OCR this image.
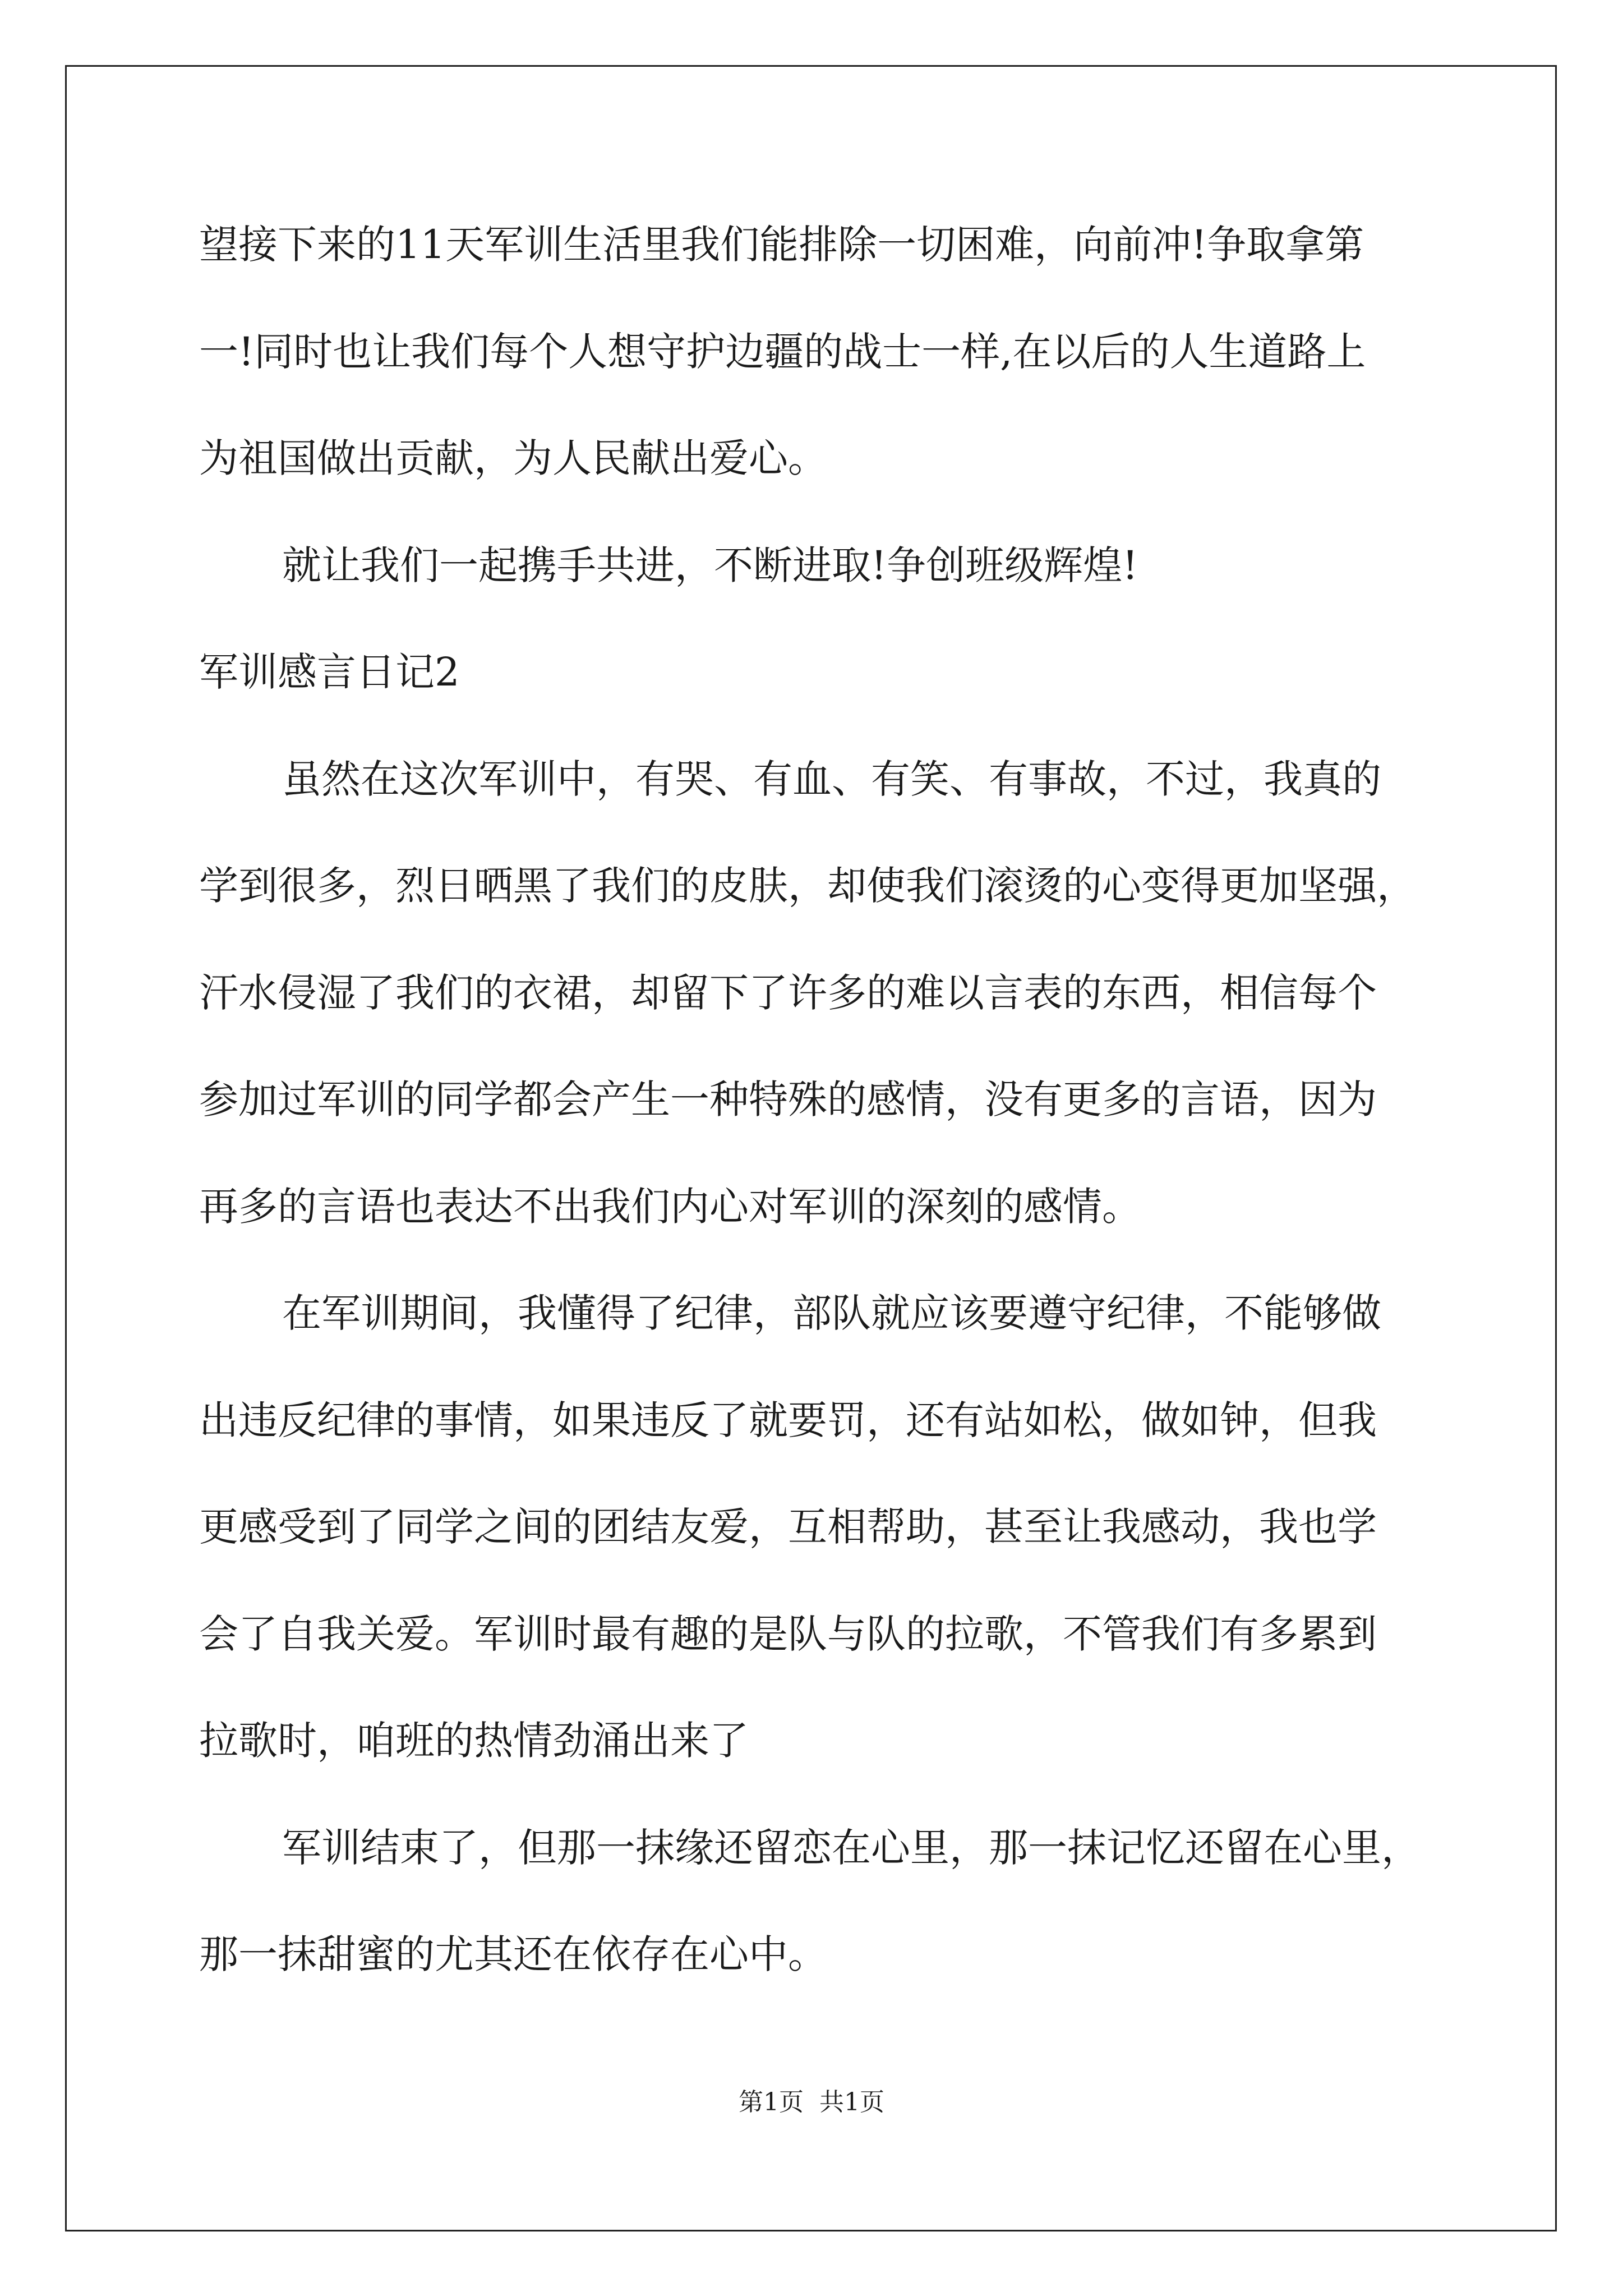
望接下来的11天军训生活里我们能排除一切困难，向前冲!争取拿第

一!同时也让我们每个人想守护边疆的战士一样,在以后的人生道路上

为祖国做出贡献，为人民献出爱心。

就让我们一起携手共进，不断进取!争创班级辉煌!

军训感言日记2

虽然在这次军训中，有哭、有血、有笑、有事故，不过，我真的

学到很多，烈日晒黑了我们的皮肤，却使我们滚烫的心变得更加坚强，

汗水侵湿了我们的衣裙，却留下了许多的难以言表的东西，相信每个

参加过军训的同学都会产生一种特殊的感情，没有更多的言语，因为

再多的言语也表达不出我们内心对军训的深刻的感情。

在军训期间，我懂得了纪律，部队就应该要遵守纪律，不能够做

出违反纪律的事情，如果违反了就要罚，还有站如松，做如钟，但我

更感受到了同学之间的团结友爱，互相帮助，甚至让我感动，我也学

会了自我关爱。军训时最有趣的是队与队的拉歌，不管我们有多累到

拉歌时，咱班的热情劲涌出来了

军训结束了，但那一抹缘还留恋在心里，那一抹记忆还留在心里，

那一抹甜蜜的尤其还在依存在心中。

第1页  共1页
